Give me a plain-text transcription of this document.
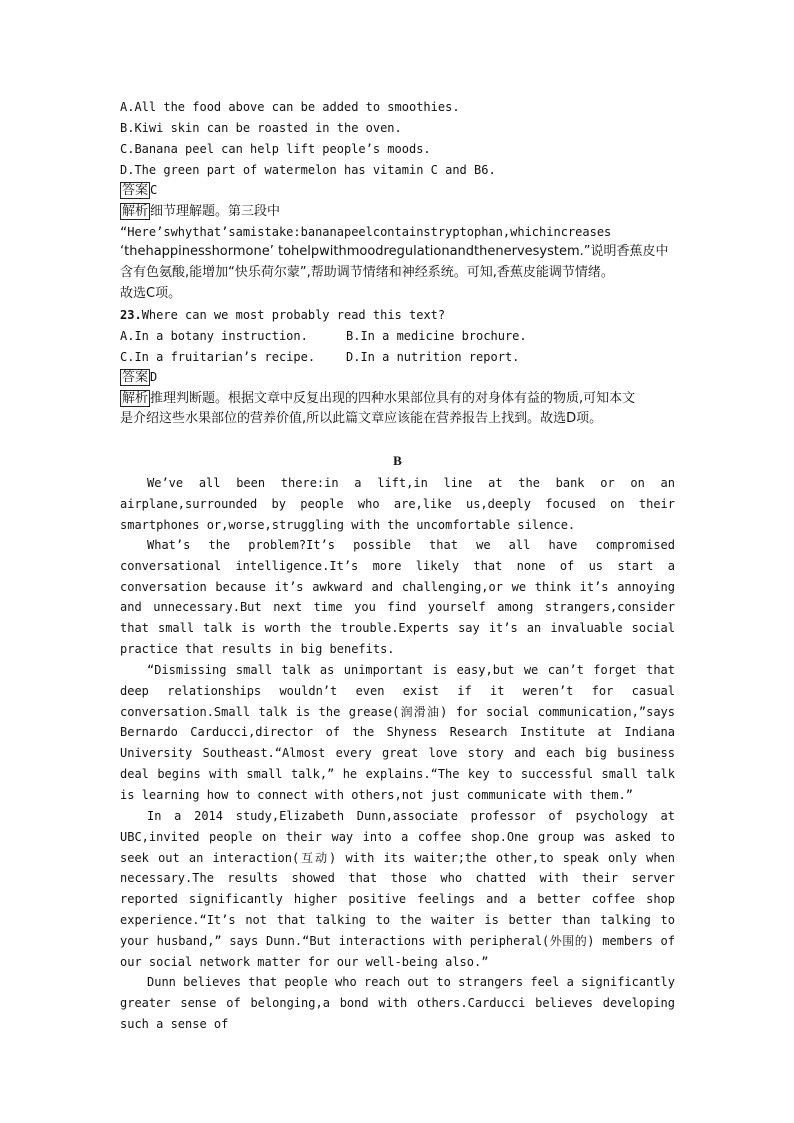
A.All the food above can be added to smoothies.
B.Kiwi skin can be roasted in the oven.
C.Banana peel can help lift people’s moods.
D.The green part of watermelon has vitamin C and B6.
答案 C
解析 细节理解题。第三段中
“Here’swhythat’samistake:bananapeelcontainstryptophan,whichincreases
‘thehappinesshormone’ tohelpwithmoodregulationandthenervesystem.”说明香蕉皮中
含有色氨酸,能增加“快乐荷尔蒙”,帮助调节情绪和神经系统。可知,香蕉皮能调节情绪。
故选C项。
23.Where can we most probably read this text?
A.In a botany instruction.	B.In a medicine brochure.
C.In a fruitarian’s recipe.	D.In a nutrition report.
答案 D
解析 推理判断题。根据文章中反复出现的四种水果部位具有的对身体有益的物质,可知本文
是介绍这些水果部位的营养价值,所以此篇文章应该能在营养报告上找到。故选D项。
B
We’ve all been there:in a lift,in line at the bank or on an airplane,surrounded by people who are,like us,deeply focused on their smartphones or,worse,struggling with the uncomfortable silence.
What’s the problem?It’s possible that we all have compromised conversational intelligence.It’s more likely that none of us start a conversation because it’s awkward and challenging,or we think it’s annoying and unnecessary.But next time you find yourself among strangers,consider that small talk is worth the trouble.Experts say it’s an invaluable social practice that results in big benefits.
“Dismissing small talk as unimportant is easy,but we can’t forget that deep relationships wouldn’t even exist if it weren’t for casual conversation.Small talk is the grease(润滑油) for social communication,”says Bernardo Carducci,director of the Shyness Research Institute at Indiana University Southeast.“Almost every great love story and each big business deal begins with small talk,” he explains.“The key to successful small talk is learning how to connect with others,not just communicate with them.”
In a 2014 study,Elizabeth Dunn,associate professor of psychology at UBC,invited people on their way into a coffee shop.One group was asked to seek out an interaction(互动) with its waiter;the other,to speak only when necessary.The results showed that those who chatted with their server reported significantly higher positive feelings and a better coffee shop experience.“It’s not that talking to the waiter is better than talking to your husband,” says Dunn.“But interactions with peripheral(外围的) members of our social network matter for our well-being also.”
Dunn believes that people who reach out to strangers feel a significantly greater sense of belonging,a bond with others.Carducci believes developing such a sense of
